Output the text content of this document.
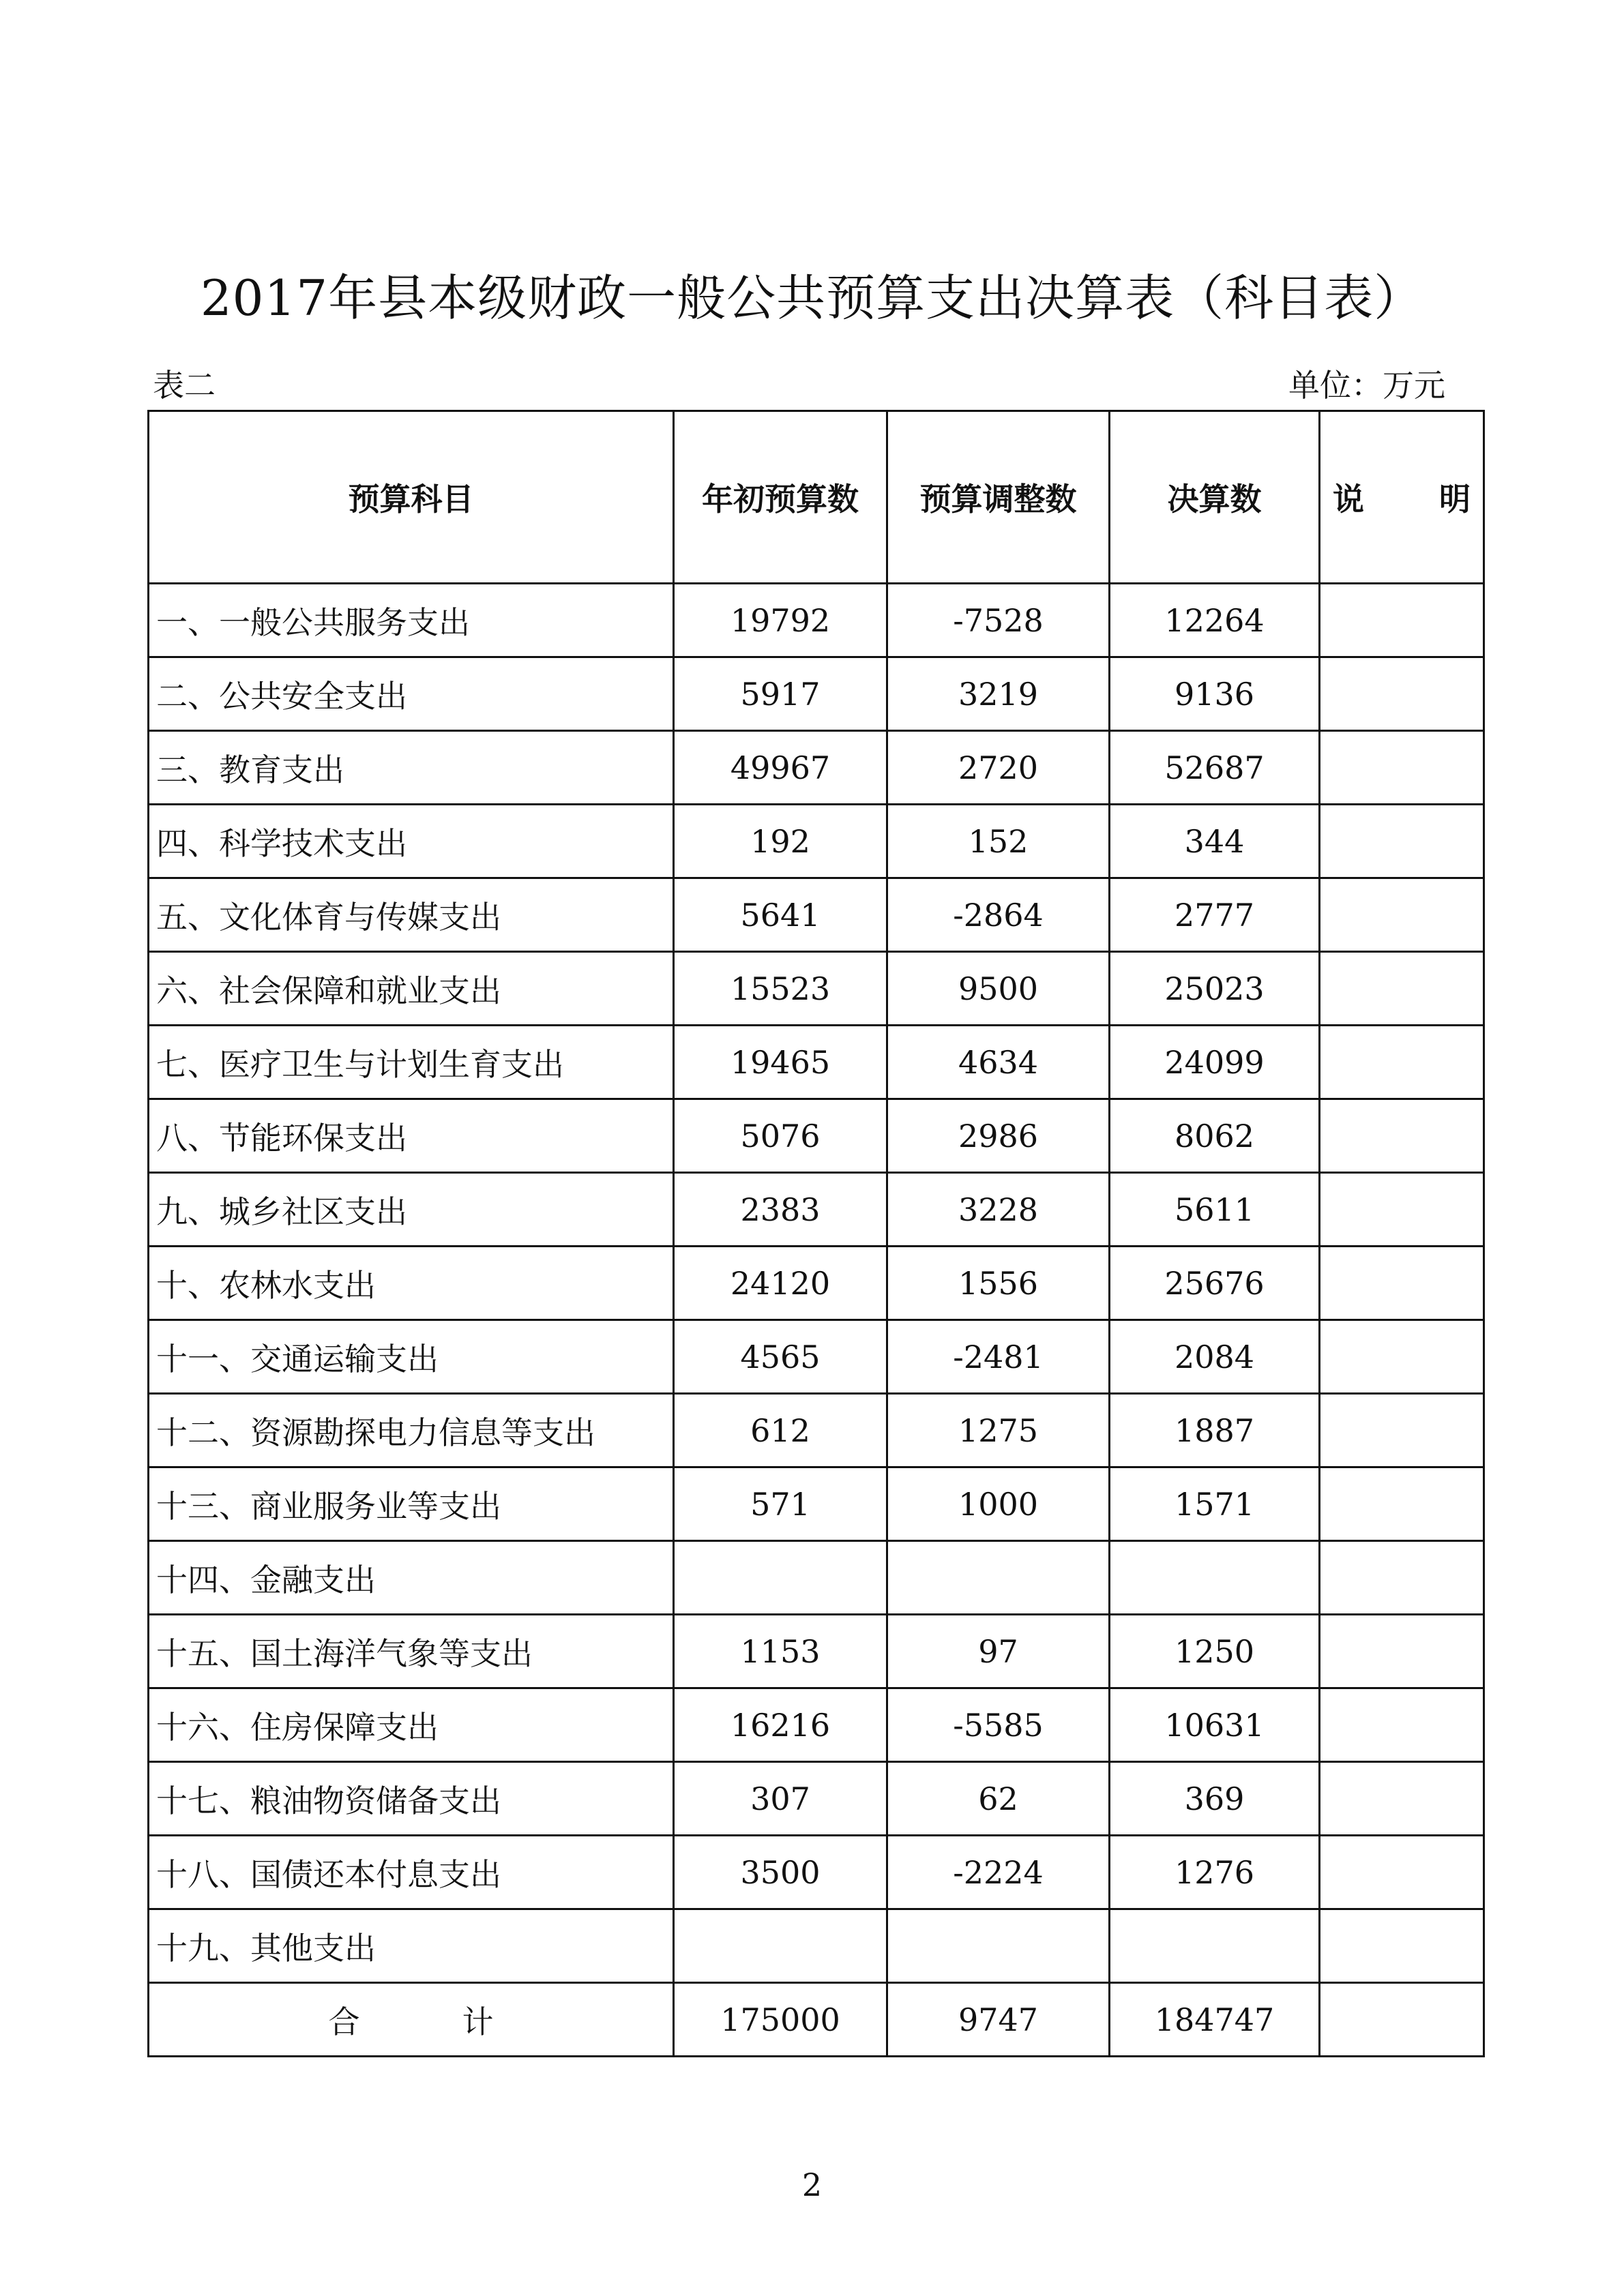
2017年县本级财政一般公共预算支出决算表（科目表）
表二	单位：万元
预算科目	年初预算数	预算调整数	决算数	说 明
一、一般公共服务支出	19792	-7528	12264	
二、公共安全支出	5917	3219	9136	
三、教育支出	49967	2720	52687	
四、科学技术支出	192	152	344	
五、文化体育与传媒支出	5641	-2864	2777	
六、社会保障和就业支出	15523	9500	25023	
七、医疗卫生与计划生育支出	19465	4634	24099	
八、节能环保支出	5076	2986	8062	
九、城乡社区支出	2383	3228	5611	
十、农林水支出	24120	1556	25676	
十一、交通运输支出	4565	-2481	2084	
十二、资源勘探电力信息等支出	612	1275	1887	
十三、商业服务业等支出	571	1000	1571	
十四、金融支出				
十五、国土海洋气象等支出	1153	97	1250	
十六、住房保障支出	16216	-5585	10631	
十七、粮油物资储备支出	307	62	369	
十八、国债还本付息支出	3500	-2224	1276	
十九、其他支出				
合 计	175000	9747	184747	
2
